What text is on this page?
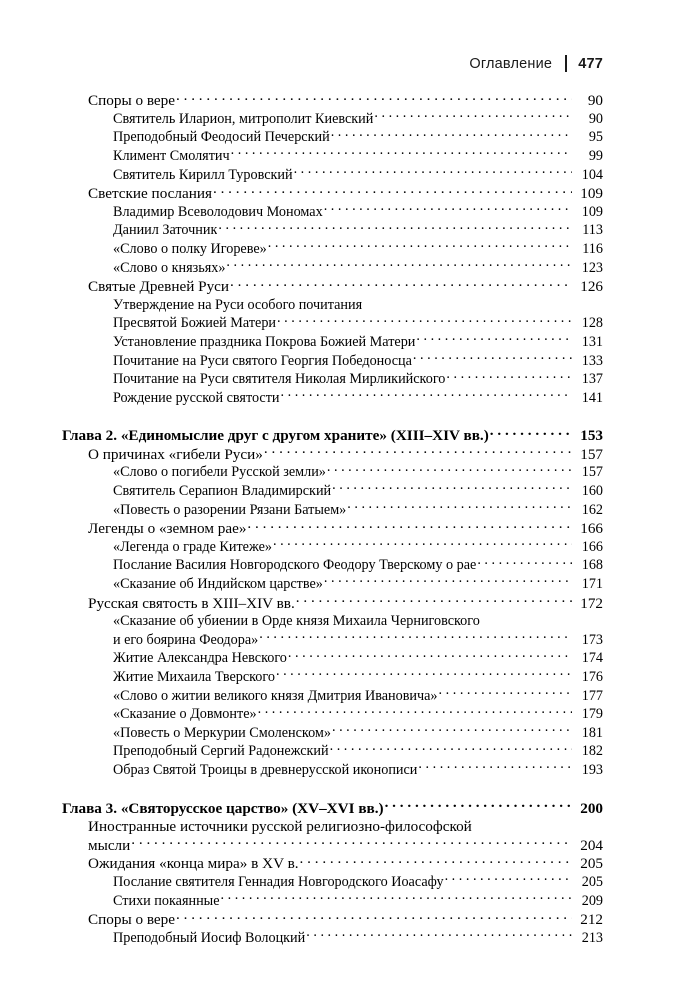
Оглавление 477
Споры о вере . . .	90
Святитель Иларион, митрополит Киевский . . .	90
Преподобный Феодосий Печерский . . .	95
Климент Смолятич . . .	99
Святитель Кирилл Туровский . . .	104
Светские послания . . .	109
Владимир Всеволодович Мономах . . .	109
Даниил Заточник . . .	113
«Слово о полку Игореве» . . .	116
«Слово о князьях» . . .	123
Святые Древней Руси . . .	126
Утверждение на Руси особого почитания
Пресвятой Божией Матери . . .	128
Установление праздника Покрова Божией Матери . . .	131
Почитание на Руси святого Георгия Победоносца . . .	133
Почитание на Руси святителя Николая Мирликийского . . .	137
Рождение русской святости . . .	141
Глава 2. «Единомыслие друг с другом храните» (XIII–XIV вв.) . . .	153
О причинах «гибели Руси» . . .	157
«Слово о погибели Русской земли» . . .	157
Святитель Серапион Владимирский . . .	160
«Повесть о разорении Рязани Батыем» . . .	162
Легенды о «земном рае» . . .	166
«Легенда о граде Китеже» . . .	166
Послание Василия Новгородского Феодору Тверскому о рае . . .	168
«Сказание об Индийском царстве» . . .	171
Русская святость в XIII–XIV вв. . . .	172
«Сказание об убиении в Орде князя Михаила Черниговского
и его боярина Феодора» . . .	173
Житие Александра Невского . . .	174
Житие Михаила Тверского . . .	176
«Слово о житии великого князя Дмитрия Ивановича» . . .	177
«Сказание о Довмонте» . . .	179
«Повесть о Меркурии Смоленском» . . .	181
Преподобный Сергий Радонежский . . .	182
Образ Святой Троицы в древнерусской иконописи . . .	193
Глава 3. «Святорусское царство» (XV–XVI вв.) . . .	200
Иностранные источники русской религиозно-философской
мысли . . .	204
Ожидания «конца мира» в XV в. . . .	205
Послание святителя Геннадия Новгородского Иоасафу . . .	205
Стихи покаянные . . .	209
Споры о вере . . .	212
Преподобный Иосиф Волоцкий . . .	213
